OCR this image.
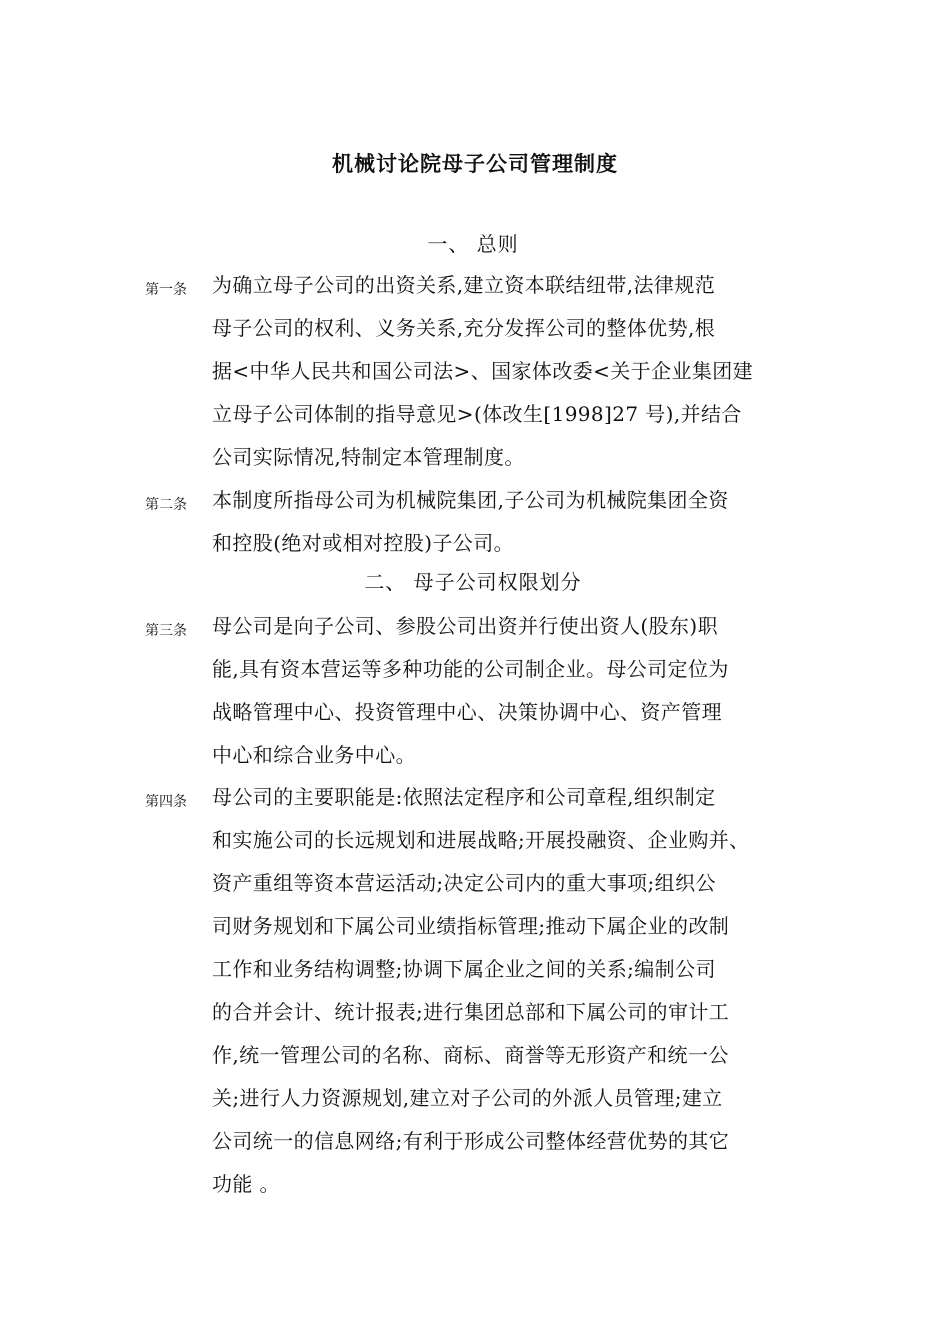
机械讨论院母子公司管理制度
一、 总则
第一条 为确立母子公司的出资关系,建立资本联结纽带,法律规范
母子公司的权利、义务关系,充分发挥公司的整体优势,根
据<中华人民共和国公司法>、国家体改委<关于企业集团建
立母子公司体制的指导意见>(体改生[1998]27 号),并结合
公司实际情况,特制定本管理制度。
第二条 本制度所指母公司为机械院集团,子公司为机械院集团全资
和控股(绝对或相对控股)子公司。
二、 母子公司权限划分
第三条 母公司是向子公司、参股公司出资并行使出资人(股东)职
能,具有资本营运等多种功能的公司制企业。母公司定位为
战略管理中心、投资管理中心、决策协调中心、资产管理
中心和综合业务中心。
第四条 母公司的主要职能是:依照法定程序和公司章程,组织制定
和实施公司的长远规划和进展战略;开展投融资、企业购并、
资产重组等资本营运活动;决定公司内的重大事项;组织公
司财务规划和下属公司业绩指标管理;推动下属企业的改制
工作和业务结构调整;协调下属企业之间的关系;编制公司
的合并会计、统计报表;进行集团总部和下属公司的审计工
作,统一管理公司的名称、商标、商誉等无形资产和统一公
关;进行人力资源规划,建立对子公司的外派人员管理;建立
公司统一的信息网络;有利于形成公司整体经营优势的其它
功能 。
